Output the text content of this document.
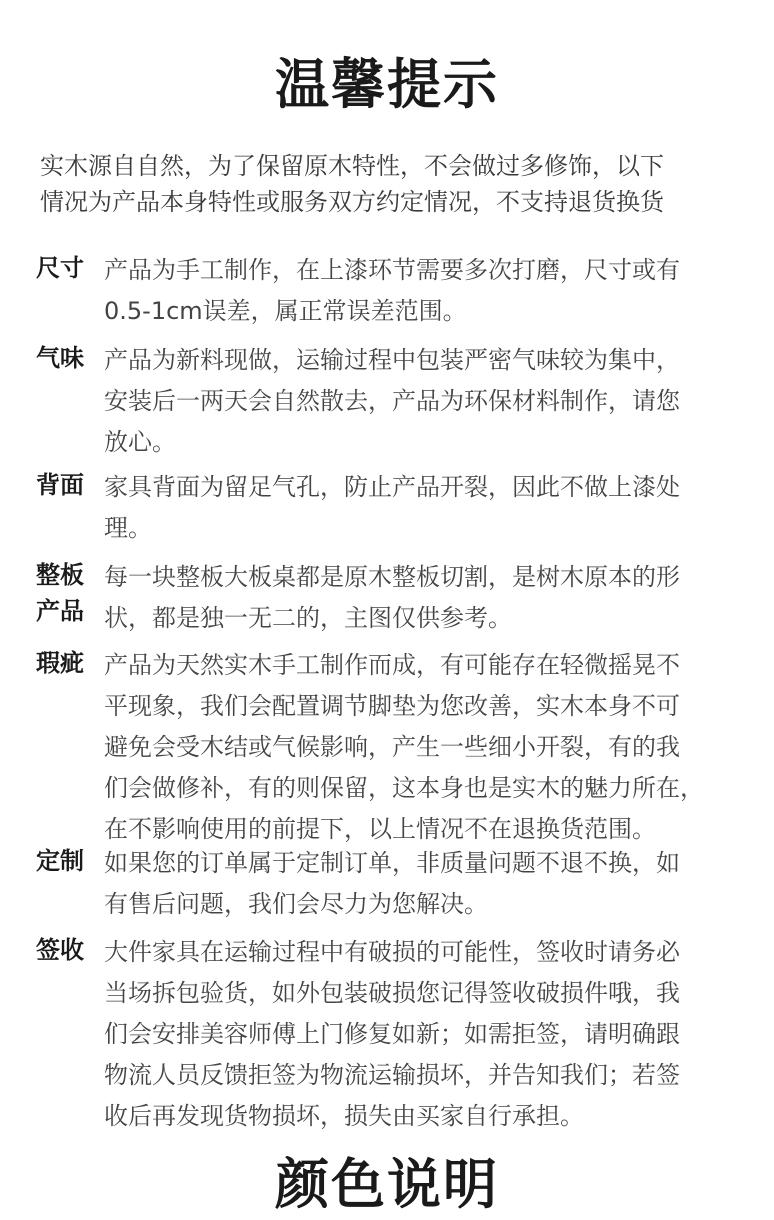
温馨提示
实木源自自然，为了保留原木特性，不会做过多修饰，以下
情况为产品本身特性或服务双方约定情况，不支持退货换货
尺寸 产品为手工制作，在上漆环节需要多次打磨，尺寸或有
0.5-1cm误差，属正常误差范围。
气味 产品为新料现做，运输过程中包装严密气味较为集中，
安装后一两天会自然散去，产品为环保材料制作，请您
放心。
背面 家具背面为留足气孔，防止产品开裂，因此不做上漆处
理。
整板
产品
每一块整板大板桌都是原木整板切割，是树木原本的形
状，都是独一无二的，主图仅供参考。
瑕疵 产品为天然实木手工制作而成，有可能存在轻微摇晃不
平现象，我们会配置调节脚垫为您改善，实木本身不可
避免会受木结或气候影响，产生一些细小开裂，有的我
们会做修补，有的则保留，这本身也是实木的魅力所在，
在不影响使用的前提下，以上情况不在退换货范围。
定制 如果您的订单属于定制订单，非质量问题不退不换，如
有售后问题，我们会尽力为您解决。
签收 大件家具在运输过程中有破损的可能性，签收时请务必
当场拆包验货，如外包装破损您记得签收破损件哦，我
们会安排美容师傅上门修复如新；如需拒签，请明确跟
物流人员反馈拒签为物流运输损坏，并告知我们；若签
收后再发现货物损坏，损失由买家自行承担。
颜色说明
